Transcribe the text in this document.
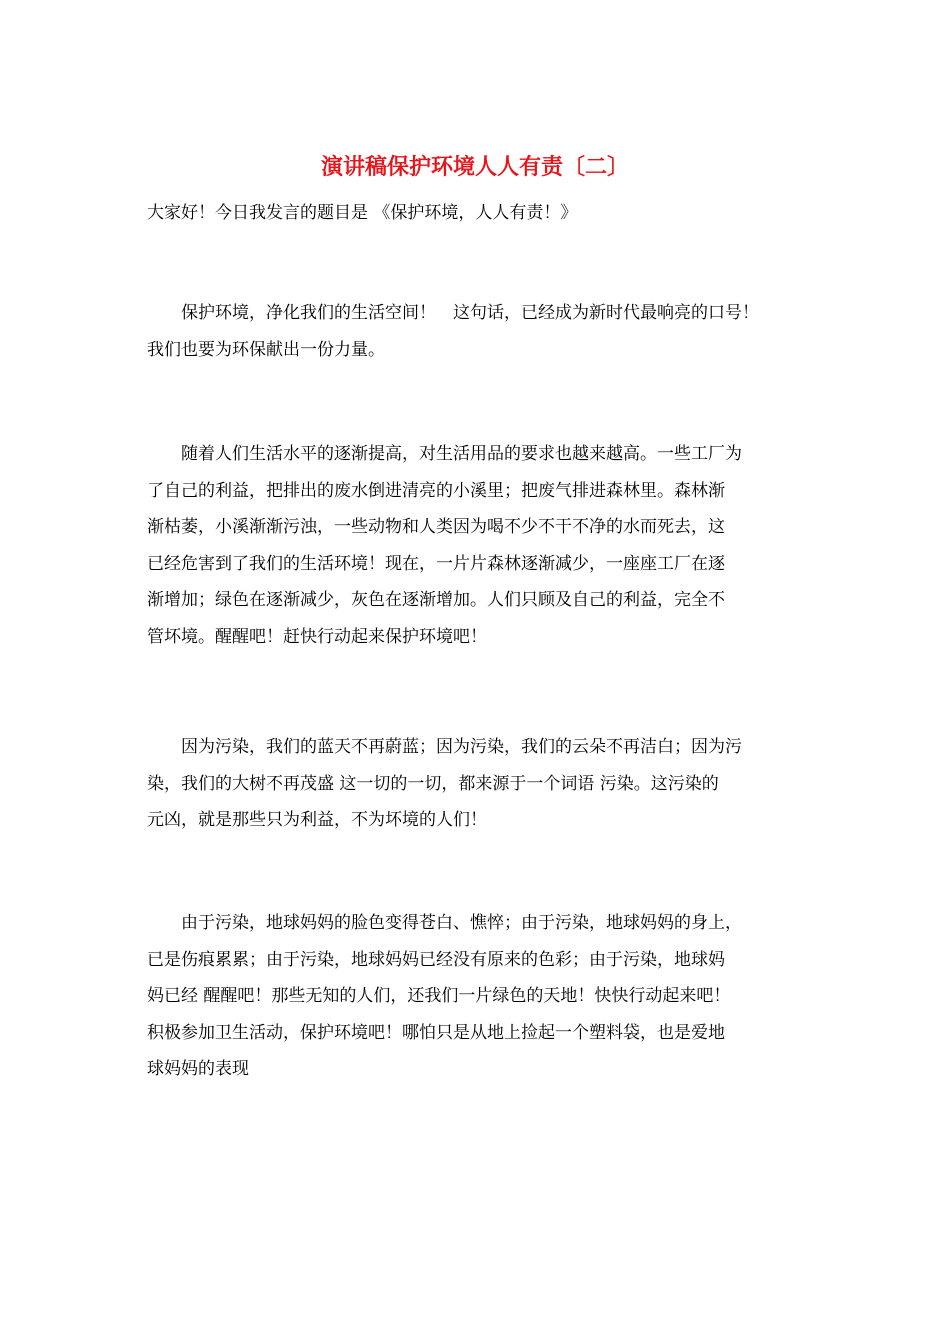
演讲稿保护环境人人有责〔二〕
大家好！今日我发言的题目是 《保护环境，人人有责！》
　　保护环境，净化我们的生活空间！　这句话，已经成为新时代最响亮的口号！
我们也要为环保献出一份力量。
　　随着人们生活水平的逐渐提高，对生活用品的要求也越来越高。一些工厂为
了自己的利益，把排出的废水倒进清亮的小溪里；把废气排进森林里。森林渐
渐枯萎，小溪渐渐污浊，一些动物和人类因为喝不少不干不净的水而死去，这
已经危害到了我们的生活环境！现在，一片片森林逐渐减少，一座座工厂在逐
渐增加；绿色在逐渐减少，灰色在逐渐增加。人们只顾及自己的利益，完全不
管坏境。醒醒吧！赶快行动起来保护环境吧！
　　因为污染，我们的蓝天不再蔚蓝；因为污染，我们的云朵不再洁白；因为污
染，我们的大树不再茂盛 这一切的一切，都来源于一个词语 污染。这污染的
元凶，就是那些只为利益，不为坏境的人们！
　　由于污染，地球妈妈的脸色变得苍白、憔悴；由于污染，地球妈妈的身上，
已是伤痕累累；由于污染，地球妈妈已经没有原来的色彩；由于污染，地球妈
妈已经 醒醒吧！那些无知的人们，还我们一片绿色的天地！快快行动起来吧！
积极参加卫生活动，保护环境吧！哪怕只是从地上捡起一个塑料袋，也是爱地
球妈妈的表现
